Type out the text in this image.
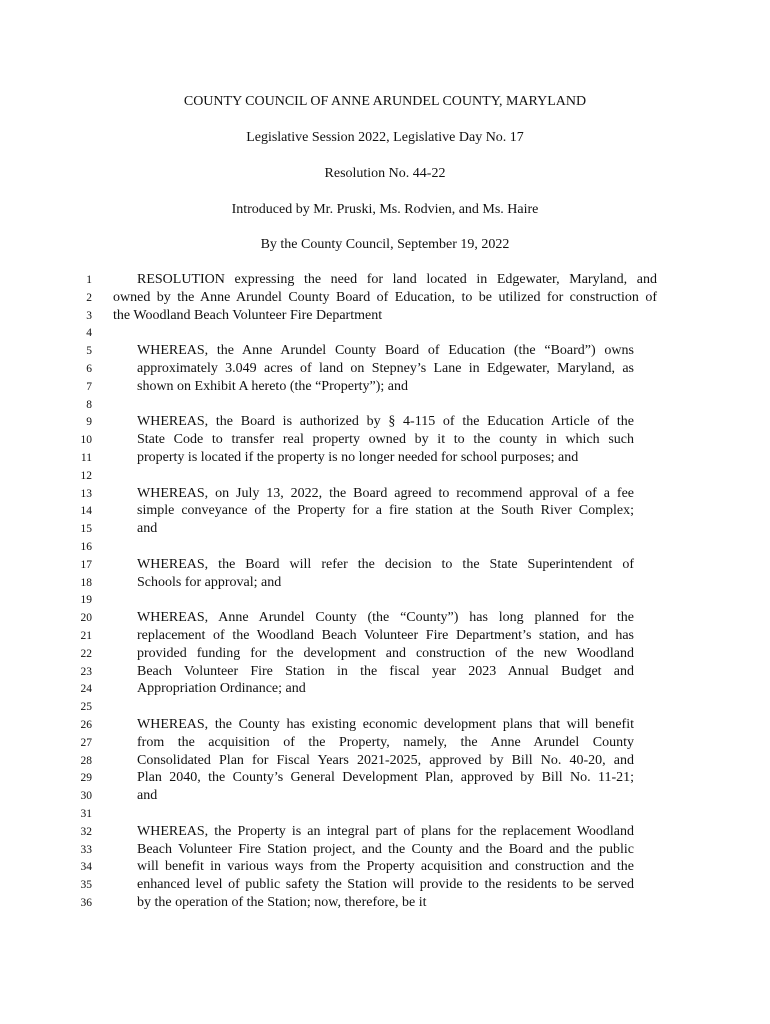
COUNTY COUNCIL OF ANNE ARUNDEL COUNTY, MARYLAND
Legislative Session 2022, Legislative Day No. 17
Resolution No. 44-22
Introduced by Mr. Pruski, Ms. Rodvien, and Ms. Haire
By the County Council, September 19, 2022
1	RESOLUTION expressing the need for land located in Edgewater, Maryland, and
2 owned by the Anne Arundel County Board of Education, to be utilized for construction of
3 the Woodland Beach Volunteer Fire Department
4
5	WHEREAS, the Anne Arundel County Board of Education (the “Board”) owns
6	approximately 3.049 acres of land on Stepney’s Lane in Edgewater, Maryland, as
7	shown on Exhibit A hereto (the “Property”); and
8
9	WHEREAS, the Board is authorized by § 4-115 of the Education Article of the
10	State Code to transfer real property owned by it to the county in which such
11	property is located if the property is no longer needed for school purposes; and
12
13	WHEREAS, on July 13, 2022, the Board agreed to recommend approval of a fee
14	simple conveyance of the Property for a fire station at the South River Complex;
15	and
16
17	WHEREAS, the Board will refer the decision to the State Superintendent of
18	Schools for approval; and
19
20	WHEREAS, Anne Arundel County (the “County”) has long planned for the
21	replacement of the Woodland Beach Volunteer Fire Department’s station, and has
22	provided funding for the development and construction of the new Woodland
23	Beach Volunteer Fire Station in the fiscal year 2023 Annual Budget and
24	Appropriation Ordinance; and
25
26	WHEREAS, the County has existing economic development plans that will benefit
27	from the acquisition of the Property, namely, the Anne Arundel County
28	Consolidated Plan for Fiscal Years 2021-2025, approved by Bill No. 40-20, and
29	Plan 2040, the County’s General Development Plan, approved by Bill No. 11-21;
30	and
31
32	WHEREAS, the Property is an integral part of plans for the replacement Woodland
33	Beach Volunteer Fire Station project, and the County and the Board and the public
34	will benefit in various ways from the Property acquisition and construction and the
35	enhanced level of public safety the Station will provide to the residents to be served
36	by the operation of the Station; now, therefore, be it
